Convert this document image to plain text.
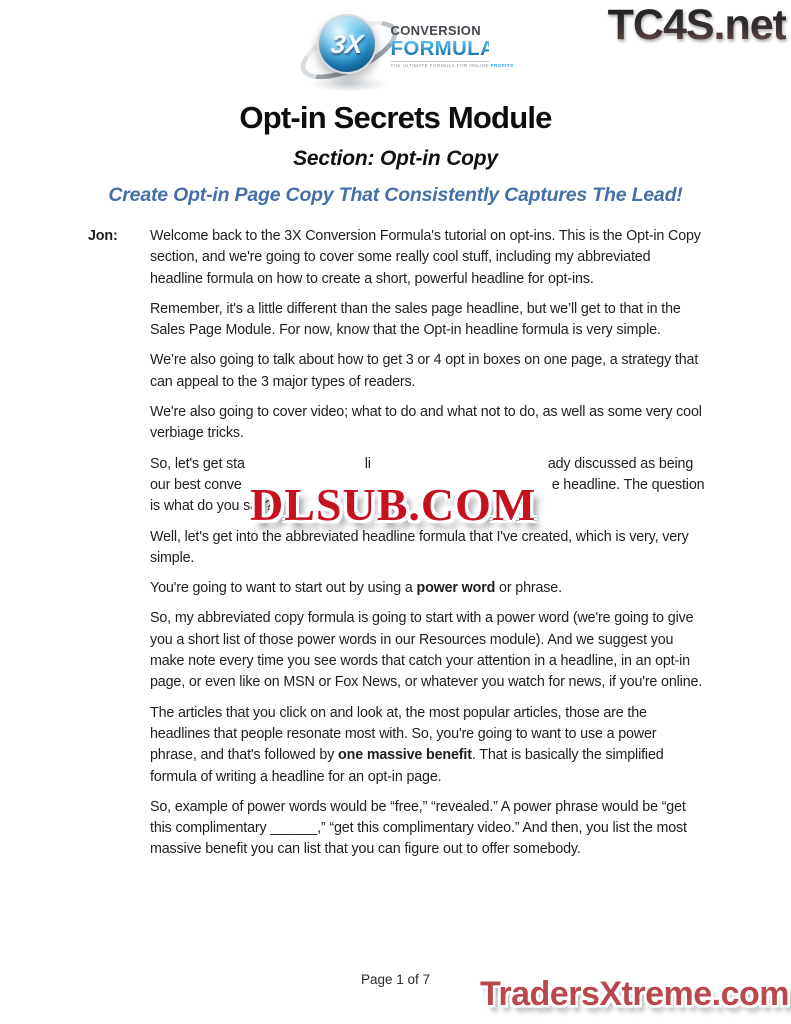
3X CONVERSION
FORMULA
THE ULTIMATE FORMULA FOR ONLINE PROFITS
TC4S.net
Opt-in Secrets Module
Section: Opt-in Copy
Create Opt-in Page Copy That Consistently Captures The Lead!
Jon: Welcome back to the 3X Conversion Formula's tutorial on opt-ins. This is the Opt-in Copy section, and we're going to cover some really cool stuff, including my abbreviated headline formula on how to create a short, powerful headline for opt-ins.
Remember, it's a little different than the sales page headline, but we’ll get to that in the Sales Page Module. For now, know that the Opt-in headline formula is very simple.
We’re also going to talk about how to get 3 or 4 opt in boxes on one page, a strategy that can appeal to the 3 major types of readers.
We're also going to cover video; what to do and what not to do, as well as some very cool verbiage tricks.
So, let's get sta	li	ady discussed as being
our best conve	e headline. The question
is what do you say?
Well, let's get into the abbreviated headline formula that I've created, which is very, very simple.
You're going to want to start out by using a power word or phrase.
So, my abbreviated copy formula is going to start with a power word (we're going to give you a short list of those power words in our Resources module). And we suggest you make note every time you see words that catch your attention in a headline, in an opt-in page, or even like on MSN or Fox News, or whatever you watch for news, if you're online.
The articles that you click on and look at, the most popular articles, those are the headlines that people resonate most with. So, you're going to want to use a power phrase, and that's followed by one massive benefit. That is basically the simplified formula of writing a headline for an opt-in page.
So, example of power words would be “free,” “revealed.” A power phrase would be “get this complimentary ______,” “get this complimentary video.” And then, you list the most massive benefit you can list that you can figure out to offer somebody.
DLSUB.COM
Page 1 of 7 TradersXtreme.com
